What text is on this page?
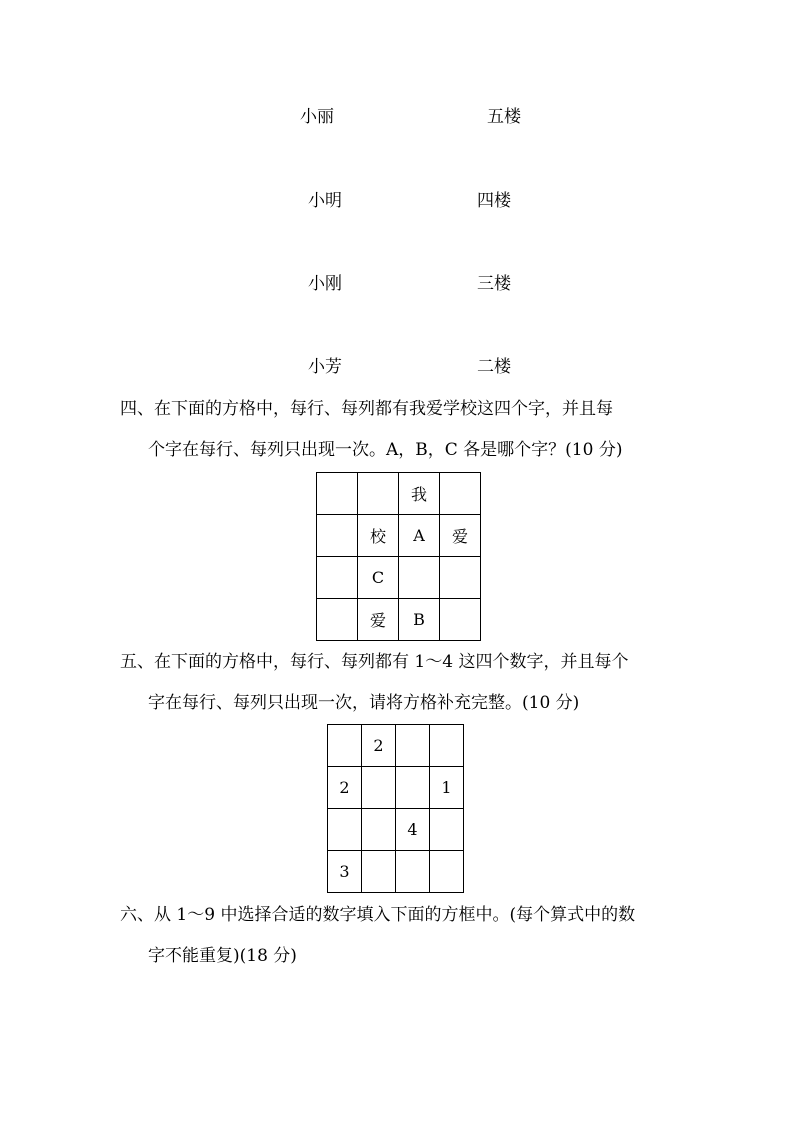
小丽	五楼
小明	四楼
小刚	三楼
小芳	二楼
四、在下面的方格中，每行、每列都有我爱学校这四个字，并且每
个字在每行、每列只出现一次。A，B，C 各是哪个字？(10 分)
		我	
	校	A	爱
	C		
	爱	B	
五、在下面的方格中，每行、每列都有 1～4 这四个数字，并且每个
字在每行、每列只出现一次，请将方格补充完整。(10 分)
	2		
2			1
		4	
3			
六、从 1～9 中选择合适的数字填入下面的方框中。(每个算式中的数
字不能重复)(18 分)
